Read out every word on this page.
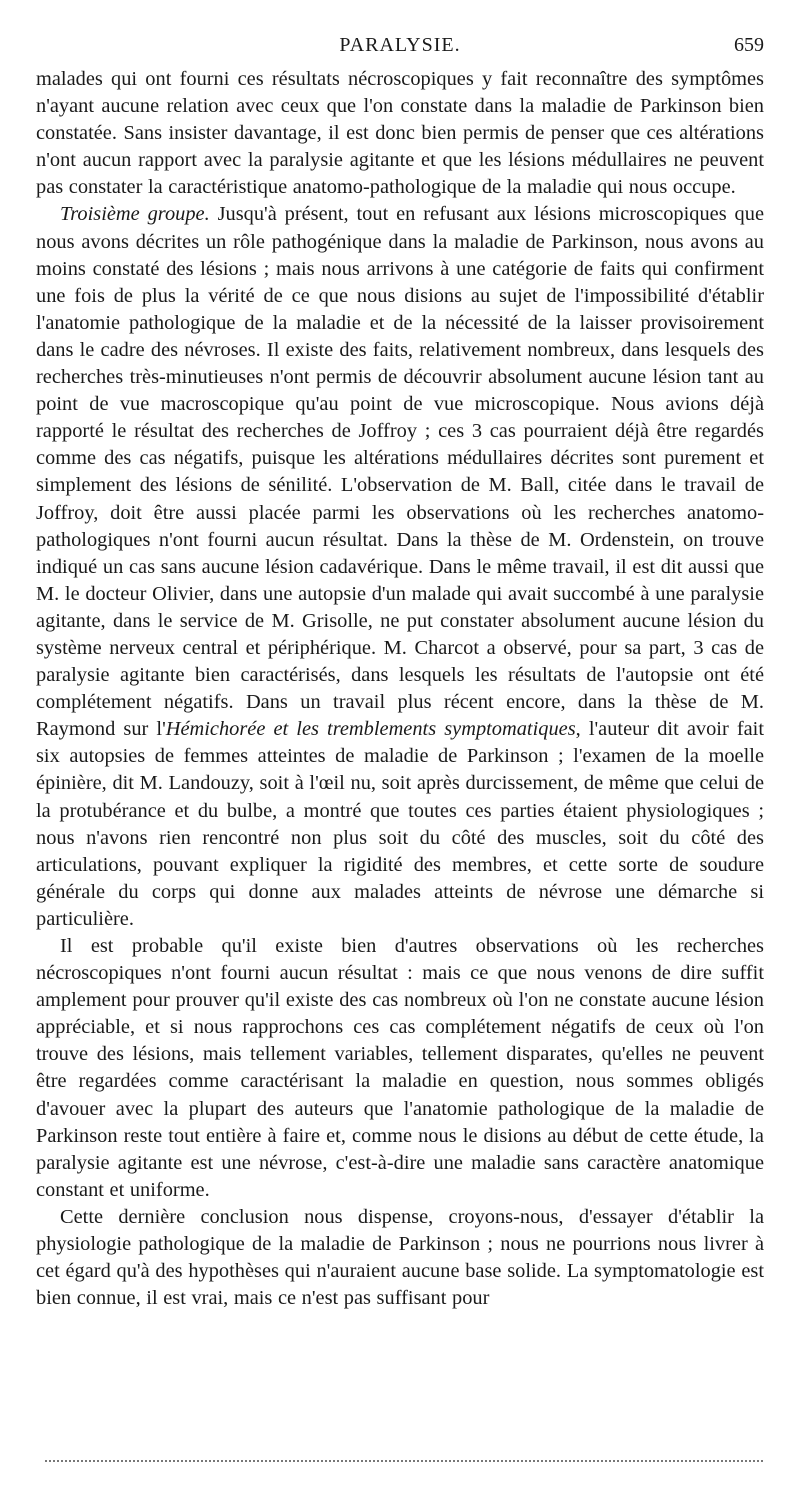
PARALYSIE.	659

malades qui ont fourni ces résultats nécroscopiques y fait reconnaître des symptômes n'ayant aucune relation avec ceux que l'on constate dans la maladie de Parkinson bien constatée. Sans insister davantage, il est donc bien permis de penser que ces altérations n'ont aucun rapport avec la paralysie agitante et que les lésions médullaires ne peuvent pas constater la caractéristique anatomo-pathologique de la maladie qui nous occupe.

Troisième groupe. Jusqu'à présent, tout en refusant aux lésions microscopiques que nous avons décrites un rôle pathogénique dans la maladie de Parkinson, nous avons au moins constaté des lésions ; mais nous arrivons à une catégorie de faits qui confirment une fois de plus la vérité de ce que nous disions au sujet de l'impossibilité d'établir l'anatomie pathologique de la maladie et de la nécessité de la laisser provisoirement dans le cadre des névroses. Il existe des faits, relativement nombreux, dans lesquels des recherches très-minutieuses n'ont permis de découvrir absolument aucune lésion tant au point de vue macroscopique qu'au point de vue microscopique. Nous avions déjà rapporté le résultat des recherches de Joffroy ; ces 3 cas pourraient déjà être regardés comme des cas négatifs, puisque les altérations médullaires décrites sont purement et simplement des lésions de sénilité. L'observation de M. Ball, citée dans le travail de Joffroy, doit être aussi placée parmi les observations où les recherches anatomo-pathologiques n'ont fourni aucun résultat. Dans la thèse de M. Ordenstein, on trouve indiqué un cas sans aucune lésion cadavérique. Dans le même travail, il est dit aussi que M. le docteur Olivier, dans une autopsie d'un malade qui avait succombé à une paralysie agitante, dans le service de M. Grisolle, ne put constater absolument aucune lésion du système nerveux central et périphérique. M. Charcot a observé, pour sa part, 3 cas de paralysie agitante bien caractérisés, dans lesquels les résultats de l'autopsie ont été complétement négatifs. Dans un travail plus récent encore, dans la thèse de M. Raymond sur l'Hémichorée et les tremblements symptomatiques, l'auteur dit avoir fait six autopsies de femmes atteintes de maladie de Parkinson ; l'examen de la moelle épinière, dit M. Landouzy, soit à l'œil nu, soit après durcissement, de même que celui de la protubérance et du bulbe, a montré que toutes ces parties étaient physiologiques ; nous n'avons rien rencontré non plus soit du côté des muscles, soit du côté des articulations, pouvant expliquer la rigidité des membres, et cette sorte de soudure générale du corps qui donne aux malades atteints de névrose une démarche si particulière.

Il est probable qu'il existe bien d'autres observations où les recherches nécroscopiques n'ont fourni aucun résultat : mais ce que nous venons de dire suffit amplement pour prouver qu'il existe des cas nombreux où l'on ne constate aucune lésion appréciable, et si nous rapprochons ces cas complétement négatifs de ceux où l'on trouve des lésions, mais tellement variables, tellement disparates, qu'elles ne peuvent être regardées comme caractérisant la maladie en question, nous sommes obligés d'avouer avec la plupart des auteurs que l'anatomie pathologique de la maladie de Parkinson reste tout entière à faire et, comme nous le disions au début de cette étude, la paralysie agitante est une névrose, c'est-à-dire une maladie sans caractère anatomique constant et uniforme.

Cette dernière conclusion nous dispense, croyons-nous, d'essayer d'établir la physiologie pathologique de la maladie de Parkinson ; nous ne pourrions nous livrer à cet égard qu'à des hypothèses qui n'auraient aucune base solide. La symptomatologie est bien connue, il est vrai, mais ce n'est pas suffisant pour
